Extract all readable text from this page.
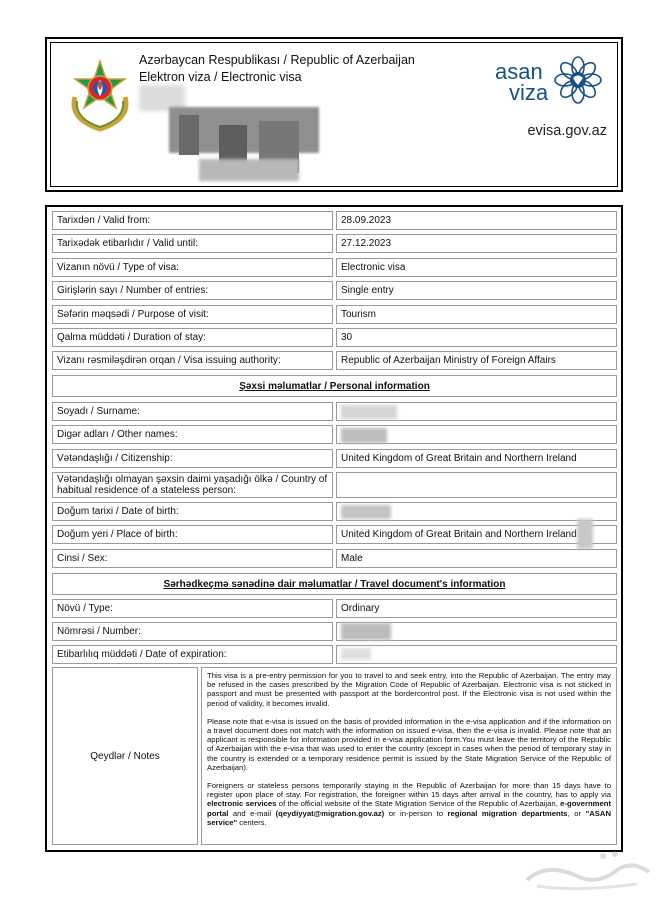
Azərbaycan Respublikası / Republic of Azerbaijan
Elektron viza / Electronic visa	asan
viza
evisa.gov.az
Tarixdən / Valid from:	28.09.2023
Tarixədək etibarlıdır / Valid until:	27.12.2023
Vizanın növü / Type of visa:	Electronic visa
Girişlərin sayı / Number of entries:	Single entry
Səfərin məqsədi / Purpose of visit:	Tourism
Qalma müddəti / Duration of stay:	30
Vizanı rəsmiləşdirən orqan / Visa issuing authority:	Republic of Azerbaijan Ministry of Foreign Affairs
Şəxsi məlumatlar / Personal information
Soyadı / Surname:
Digər adları / Other names:
Vətəndaşlığı / Citizenship:	United Kingdom of Great Britain and Northern Ireland
Vətəndaşlığı olmayan şəxsin daimi yaşadığı ölkə / Country of habitual residence of a stateless person:
Doğum tarixi / Date of birth:
Doğum yeri / Place of birth:	United Kingdom of Great Britain and Northern Ireland
Cinsi / Sex:	Male
Sərhədkeçmə sənədinə dair məlumatlar / Travel document's information
Növü / Type:	Ordinary
Nömrəsi / Number:
Etibarlılıq müddəti / Date of expiration:
Qeydlər / Notes

This visa is a pre-entry permission for you to travel to and seek entry, into the Republic of Azerbaijan. The entry may be refused in the cases prescribed by the Migration Code of Republic of Azerbaijan. Electronic visa is not sticked in passport and must be presented with passport at the bordercontrol post. If the Electronic visa is not used within the period of validity, it becomes invalid.

Please note that e-visa is issued on the basis of provided information in the e-visa application and if the information on a travel document does not match with the information on issued e-visa, then the e-visa is invalid. Please note that an applicant is responsible for information provided in e-visa application form.You must leave the territory of the Republic of Azerbaijan with the e-visa that was used to enter the country (except in cases when the period of temporary stay in the country is extended or a temporary residence permit is issued by the State Migration Service of the Republic of Azerbaijan).

Foreigners or stateless persons temporarily staying in the Republic of Azerbaijan for more than 15 days have to register upon place of stay. For registration, the foreigner within 15 days after arrival in the country, has to apply via electronic services of the official website of the State Migration Service of the Republic of Azerbaijan, e-government portal and e-mail (qeydiyyat@migration.gov.az) or in-person to regional migration departments, or "ASAN service" centers.
